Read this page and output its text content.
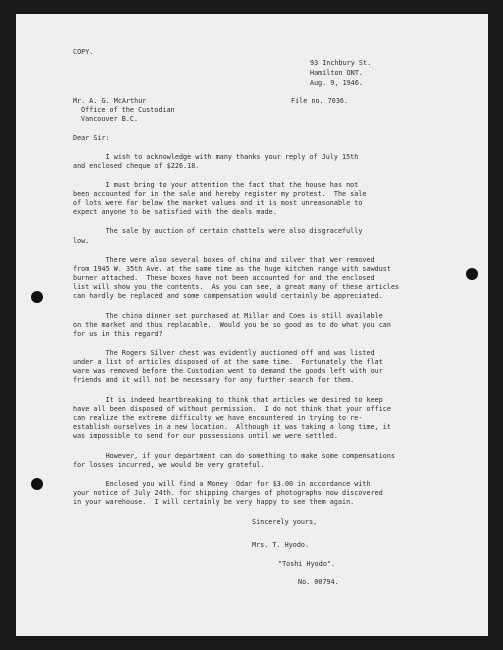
COPY.
93 Inchbury St.
Hamilton ONT.
Aug. 9, 1946.
Mr. A. G. McArthur	File no. 7036.
Office of the Custodian
Vancouver B.C.
Dear Sir:
I wish to acknowledge with many thanks your reply of July 15th
and enclosed cheque of $226.18.
I must bring to your attention the fact that the house has not
been accounted for in the sale and hereby register my protest.  The sale
of lots were far below the market values and it is most unreasonable to
expect anyone to be satisfied with the deals made.
The sale by auction of certain chattels were also disgracefully
low.
There were also several boxes of china and silver that wer removed
from 1945 W. 35th Ave. at the same time as the huge kitchen range with sawdust
burner attached.  These boxes have not been accounted for and the enclosed
list will show you the contents.  As you can see, a great many of these articles
can hardly be replaced and some compensation would certainly be appreciated.
The china dinner set purchased at Millar and Coes is still available
on the market and thus replacable.  Would you be so good as to do what you can
for us in this regard?
The Rogers Silver chest was evidently auctioned off and was listed
under a list of articles disposed of at the same time.  Fortunately the flat
ware was removed before the Custodian went to demand the goods left with our
friends and it will not be necessary for any further search for them.
It is indeed heartbreaking to think that articles we desired to keep
have all been disposed of without permission.  I do not think that your office
can realize the extreme difficulty we have encountered in trying to re-
establish ourselves in a new location.  Although it was taking a long time, it
was impossible to send for our possessions until we were settled.
However, if your department can do something to make some compensations
for losses incurred, we would be very grateful.
Enclosed you will find a Money  Odar for $3.00 in accordance with
your notice of July 24th. for shipping charges of photographs now discovered
in your warehouse.  I will certainly be very happy to see them again.
Sincerely yours,
Mrs. T. Hyodo.
"Toshi Hyodo".
No. 00794.
